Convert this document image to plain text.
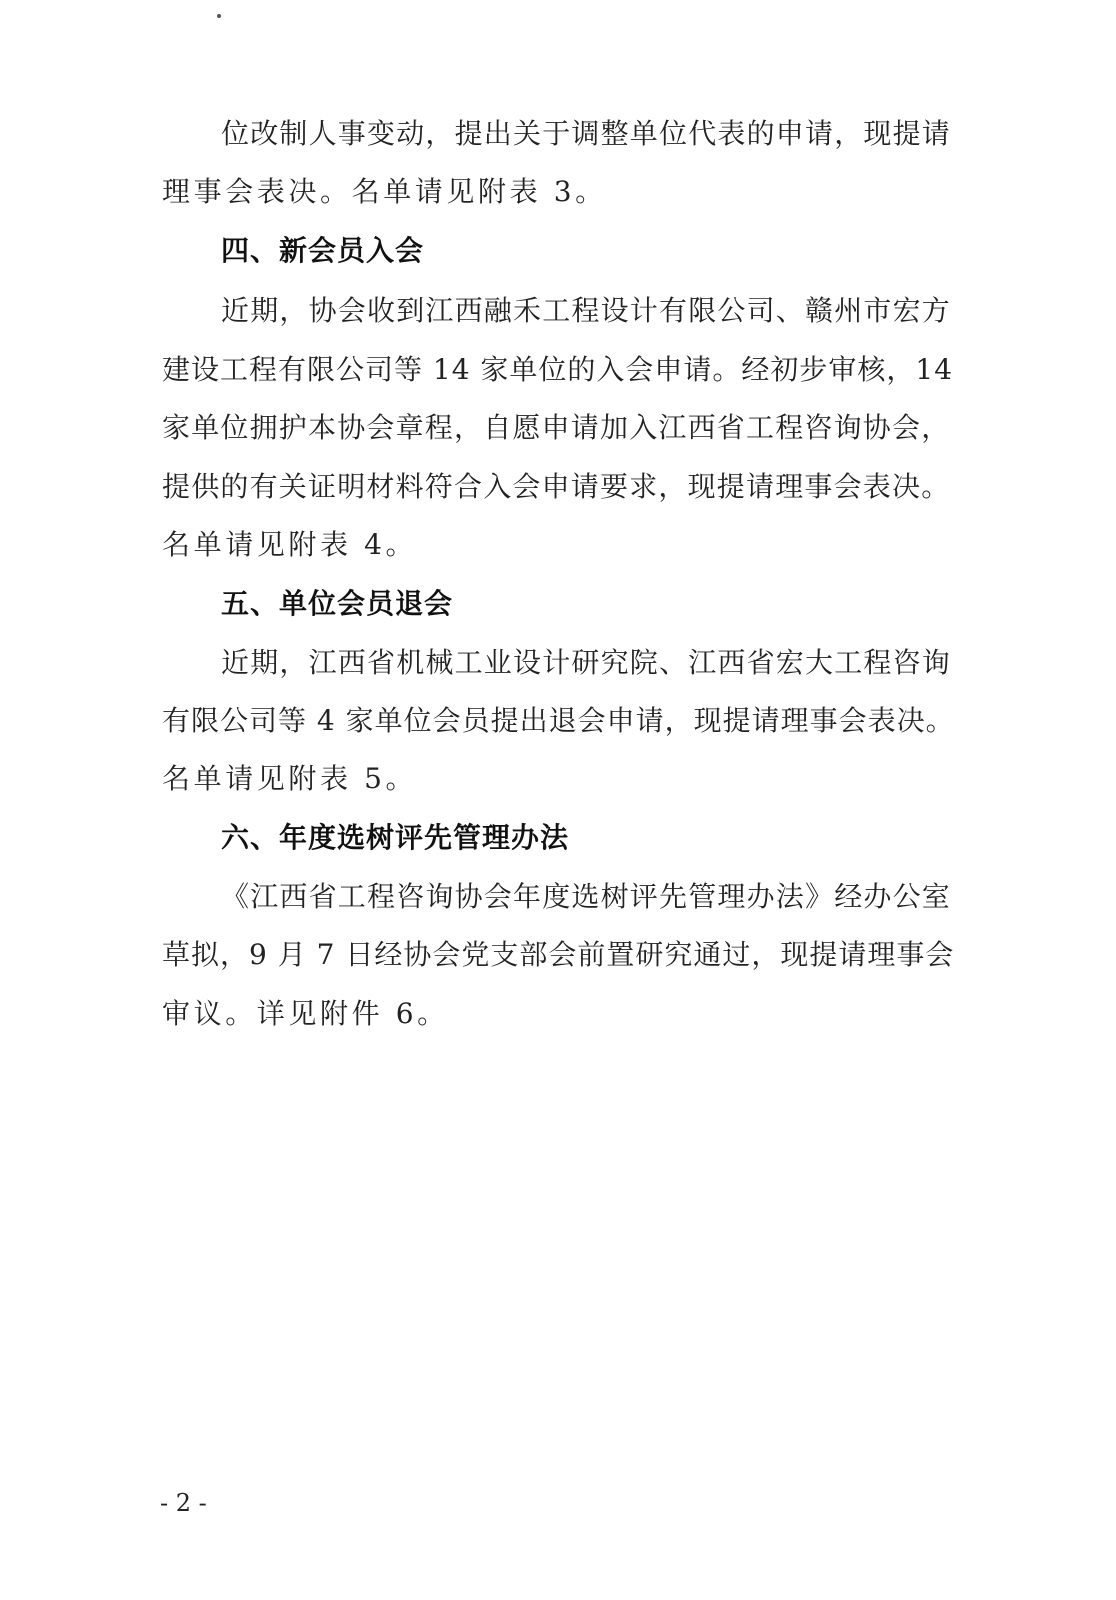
位改制人事变动，提出关于调整单位代表的申请，现提请
理事会表决。名单请见附表 3。
四、新会员入会
近期，协会收到江西融禾工程设计有限公司、赣州市宏方
建设工程有限公司等 14 家单位的入会申请。经初步审核，14
家单位拥护本协会章程，自愿申请加入江西省工程咨询协会，
提供的有关证明材料符合入会申请要求，现提请理事会表决。
名单请见附表 4。
五、单位会员退会
近期，江西省机械工业设计研究院、江西省宏大工程咨询
有限公司等 4 家单位会员提出退会申请，现提请理事会表决。
名单请见附表 5。
六、年度选树评先管理办法
《江西省工程咨询协会年度选树评先管理办法》经办公室
草拟，9 月 7 日经协会党支部会前置研究通过，现提请理事会
审议。详见附件 6。
- 2 -
